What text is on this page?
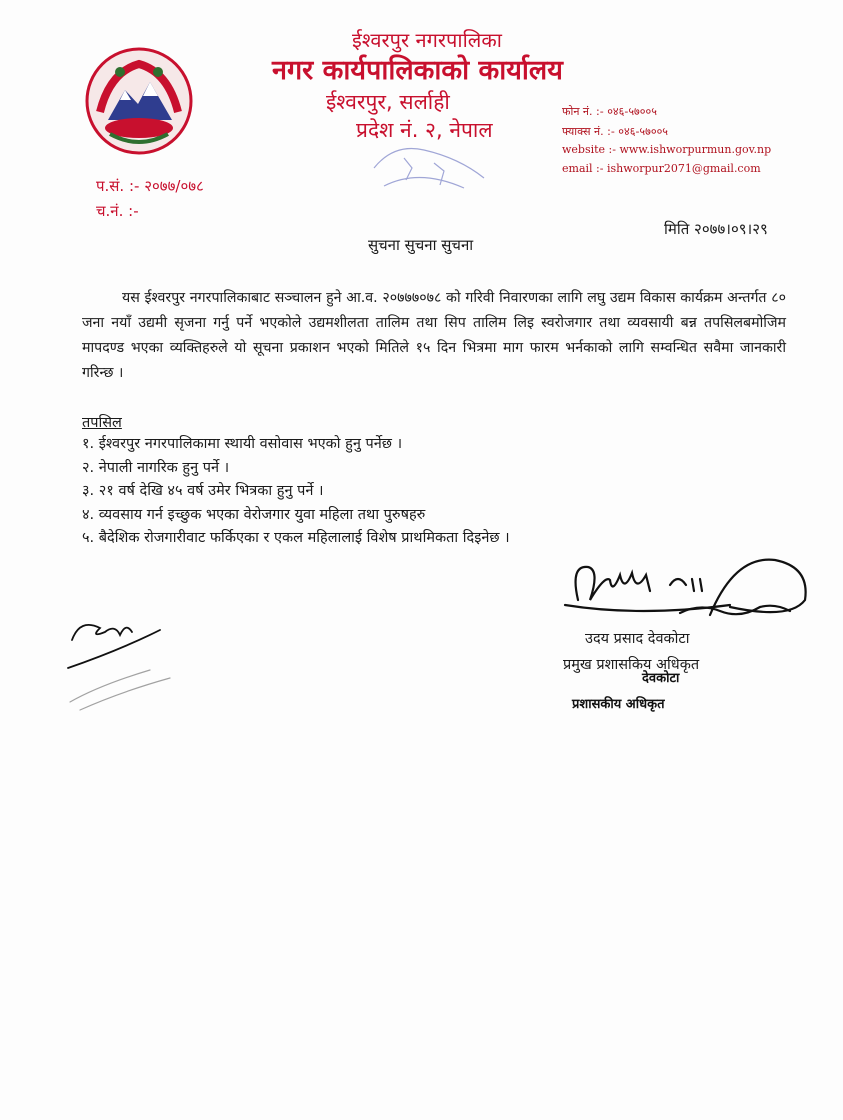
ईश्वरपुर नगरपालिका
नगर कार्यपालिकाको कार्यालय
ईश्वरपुर, सर्लाही
प्रदेश नं. २, नेपाल
फोन नं. :- ०४६-५७००५
फ्याक्स नं. :- ०४६-५७००५
website :- www.ishworpurmun.gov.np
email :- ishworpur2071@gmail.com
प.सं. :- २०७७/०७८
च.नं. :-
मिति २०७७।०९।२९
सुचना सुचना सुचना
यस ईश्वरपुर नगरपालिकाबाट सञ्चालन हुने आ.व. २०७७७०७८ को गरिवी निवारणका लागि लघु उद्यम विकास कार्यक्रम अन्तर्गत ८० जना नयाँ उद्यमी सृजना गर्नु पर्ने भएकोले उद्यमशीलता तालिम तथा सिप तालिम लिइ स्वरोजगार तथा व्यवसायी बन्न तपसिलबमोजिम मापदण्ड भएका व्यक्तिहरुले यो सूचना प्रकाशन भएको मितिले १५ दिन भित्रमा माग फारम भर्नकाको लागि सम्वन्धित सवैमा जानकारी गरिन्छ ।
तपसिल
१. ईश्वरपुर नगरपालिकामा स्थायी वसोवास भएको हुनु पर्नेछ ।
२. नेपाली नागरिक हुनु पर्ने ।
३. २१ वर्ष देखि ४५ वर्ष उमेर भित्रका हुनु पर्ने ।
४. व्यवसाय गर्न इच्छुक भएका वेरोजगार युवा महिला तथा पुरुषहरु
५. बैदेशिक रोजगारीवाट फर्किएका र एकल महिलालाई विशेष प्राथमिकता दिइनेछ ।
उदय प्रसाद देवकोटा
प्रमुख प्रशासकिय अधिकृत
देवकोटा
प्रशासकीय अधिकृत
